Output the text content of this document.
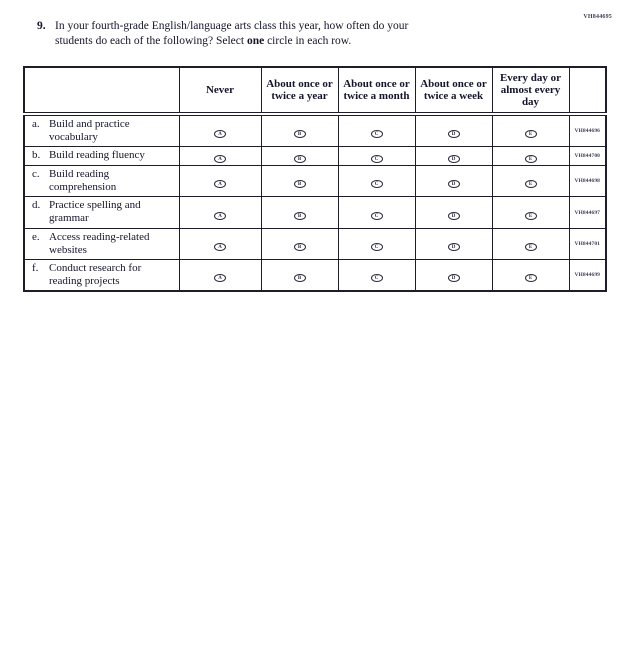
VH844695
9. In your fourth-grade English/language arts class this year, how often do your
students do each of the following? Select one circle in each row.
	Never	About once or twice a year	About once or twice a month	About once or twice a week	Every day or almost every day	

a. Build and practice vocabulary	A	B	C	D	E	VH844696

b. Build reading fluency	A	B	C	D	E	VH844700

c. Build reading comprehension	A	B	C	D	E	VH844698

d. Practice spelling and grammar	A	B	C	D	E	VH844697

e. Access reading-related websites	A	B	C	D	E	VH844701

f. Conduct research for reading projects	A	B	C	D	E	VH844699
